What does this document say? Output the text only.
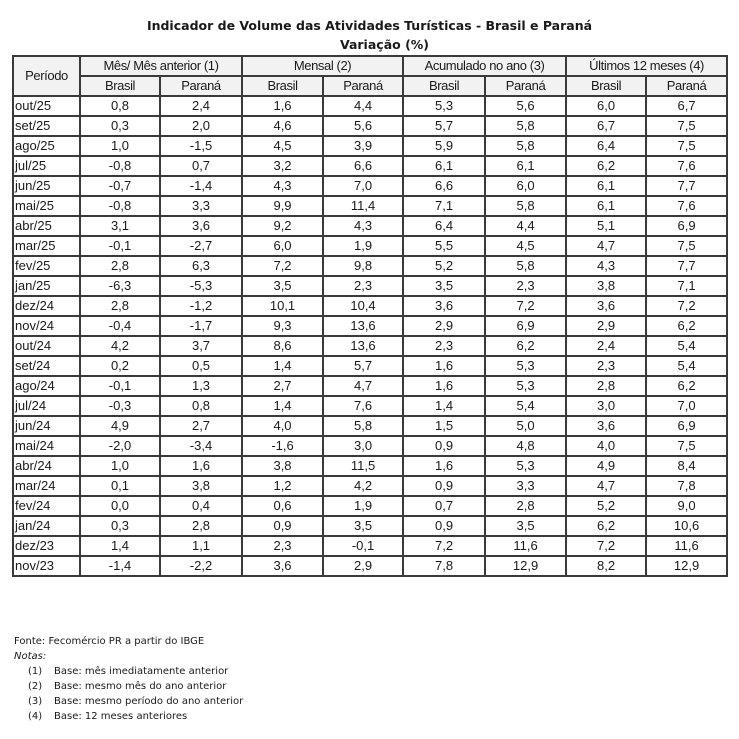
Indicador de Volume das Atividades Turísticas - Brasil e Paraná
Variação (%)
Período	Mês/ Mês anterior (1)		Mensal (2)		Acumulado no ano (3)		Últimos 12 meses (4)	
	Brasil	Paraná	Brasil	Paraná	Brasil	Paraná	Brasil	Paraná
out/25	0,8	2,4	1,6	4,4	5,3	5,6	6,0	6,7
set/25	0,3	2,0	4,6	5,6	5,7	5,8	6,7	7,5
ago/25	1,0	-1,5	4,5	3,9	5,9	5,8	6,4	7,5
jul/25	-0,8	0,7	3,2	6,6	6,1	6,1	6,2	7,6
jun/25	-0,7	-1,4	4,3	7,0	6,6	6,0	6,1	7,7
mai/25	-0,8	3,3	9,9	11,4	7,1	5,8	6,1	7,6
abr/25	3,1	3,6	9,2	4,3	6,4	4,4	5,1	6,9
mar/25	-0,1	-2,7	6,0	1,9	5,5	4,5	4,7	7,5
fev/25	2,8	6,3	7,2	9,8	5,2	5,8	4,3	7,7
jan/25	-6,3	-5,3	3,5	2,3	3,5	2,3	3,8	7,1
dez/24	2,8	-1,2	10,1	10,4	3,6	7,2	3,6	7,2
nov/24	-0,4	-1,7	9,3	13,6	2,9	6,9	2,9	6,2
out/24	4,2	3,7	8,6	13,6	2,3	6,2	2,4	5,4
set/24	0,2	0,5	1,4	5,7	1,6	5,3	2,3	5,4
ago/24	-0,1	1,3	2,7	4,7	1,6	5,3	2,8	6,2
jul/24	-0,3	0,8	1,4	7,6	1,4	5,4	3,0	7,0
jun/24	4,9	2,7	4,0	5,8	1,5	5,0	3,6	6,9
mai/24	-2,0	-3,4	-1,6	3,0	0,9	4,8	4,0	7,5
abr/24	1,0	1,6	3,8	11,5	1,6	5,3	4,9	8,4
mar/24	0,1	3,8	1,2	4,2	0,9	3,3	4,7	7,8
fev/24	0,0	0,4	0,6	1,9	0,7	2,8	5,2	9,0
jan/24	0,3	2,8	0,9	3,5	0,9	3,5	6,2	10,6
dez/23	1,4	1,1	2,3	-0,1	7,2	11,6	7,2	11,6
nov/23	-1,4	-2,2	3,6	2,9	7,8	12,9	8,2	12,9
Fonte: Fecomércio PR a partir do IBGE
Notas:
(1)	Base: mês imediatamente anterior
(2)	Base: mesmo mês do ano anterior
(3)	Base: mesmo período do ano anterior
(4)	Base: 12 meses anteriores
